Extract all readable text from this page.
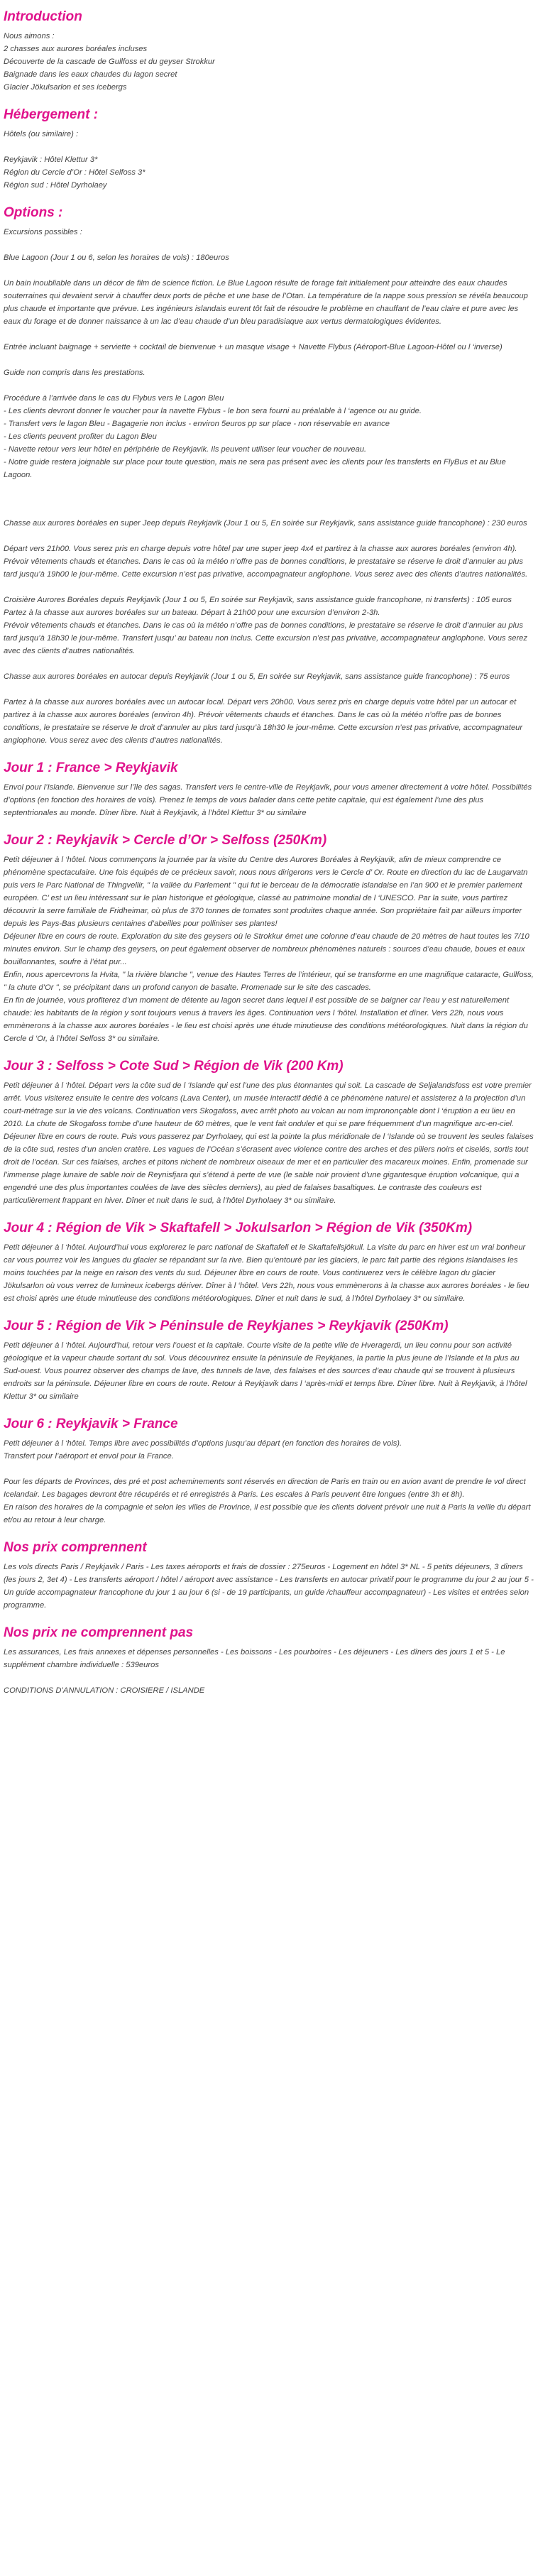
Introduction

Nous aimons :

2 chasses aux aurores boréales incluses

Découverte de la cascade de Gullfoss et du geyser Strokkur

Baignade dans les eaux chaudes du lagon secret

Glacier Jökulsarlon et ses icebergs

Hébergement :

Hôtels (ou similaire) :

Reykjavik : Hôtel Klettur 3*

Région du Cercle d’Or : Hôtel Selfoss 3*

Région sud : Hôtel Dyrholaey

Options :

Excursions possibles :

Blue Lagoon (Jour 1 ou 6, selon les horaires de vols) : 180euros

Un bain inoubliable dans un décor de film de science fiction. Le Blue Lagoon résulte de forage fait initialement pour atteindre des eaux chaudes souterraines qui devaient servir à chauffer deux ports de pêche et une base de l’Otan. La température de la nappe sous pression se révéla beaucoup plus chaude et importante que prévue. Les ingénieurs islandais eurent tôt fait de résoudre le problème en chauffant de l’eau claire et pure avec les eaux du forage et de donner naissance à un lac d’eau chaude d’un bleu paradisiaque aux vertus dermatologiques évidentes.

Entrée incluant baignage + serviette + cocktail de bienvenue + un masque visage + Navette Flybus (Aéroport-Blue Lagoon-Hôtel ou l ‘inverse)

Guide non compris dans les prestations.

Procédure à l’arrivée dans le cas du Flybus vers le Lagon Bleu

- Les clients devront donner le voucher pour la navette Flybus - le bon sera fourni au préalable à l ‘agence ou au guide.

- Transfert vers le lagon Bleu - Bagagerie non inclus - environ 5euros pp sur place - non réservable en avance

- Les clients peuvent profiter du Lagon Bleu

- Navette retour vers leur hôtel en périphérie de Reykjavik. Ils peuvent utiliser leur voucher de nouveau.

- Notre guide restera joignable sur place pour toute question, mais ne sera pas présent avec les clients pour les transferts en FlyBus et au Blue Lagoon.

Chasse aux aurores boréales en super Jeep depuis Reykjavik (Jour 1 ou 5, En soirée sur Reykjavik, sans assistance guide francophone) : 230 euros

Départ vers 21h00. Vous serez pris en charge depuis votre hôtel par une super jeep 4x4 et partirez à la chasse aux aurores boréales (environ 4h). Prévoir vêtements chauds et étanches. Dans le cas où la météo n’offre pas de bonnes conditions, le prestataire se réserve le droit d’annuler au plus tard jusqu’à 19h00 le jour-même. Cette excursion n’est pas privative, accompagnateur anglophone. Vous serez avec des clients d’autres nationalités.

Croisière Aurores Boréales depuis Reykjavik (Jour 1 ou 5, En soirée sur Reykjavik, sans assistance guide francophone, ni transferts) : 105 euros

Partez à la chasse aux aurores boréales sur un bateau. Départ à 21h00 pour une excursion d’environ 2-3h.

Prévoir vêtements chauds et étanches. Dans le cas où la météo n’offre pas de bonnes conditions, le prestataire se réserve le droit d’annuler au plus tard jusqu’à 18h30 le jour-même. Transfert jusqu’ au bateau non inclus. Cette excursion n’est pas privative, accompagnateur anglophone. Vous serez avec des clients d’autres nationalités.

Chasse aux aurores boréales en autocar depuis Reykjavik (Jour 1 ou 5, En soirée sur Reykjavik, sans assistance guide francophone) : 75 euros

Partez à la chasse aux aurores boréales avec un autocar local. Départ vers 20h00. Vous serez pris en charge depuis votre hôtel par un autocar et partirez à la chasse aux aurores boréales (environ 4h). Prévoir vêtements chauds et étanches. Dans le cas où la météo n’offre pas de bonnes conditions, le prestataire se réserve le droit d’annuler au plus tard jusqu’à 18h30 le jour-même. Cette excursion n’est pas privative, accompagnateur anglophone. Vous serez avec des clients d’autres nationalités.

Jour 1 : France > Reykjavik

Envol pour l’Islande. Bienvenue sur l’île des sagas. Transfert vers le centre-ville de Reykjavik, pour vous amener directement à votre hôtel. Possibilités d’options (en fonction des horaires de vols). Prenez le temps de vous balader dans cette petite capitale, qui est également l’une des plus septentrionales au monde. Dîner libre. Nuit à Reykjavik, à l’hôtel Klettur 3* ou similaire

Jour 2 : Reykjavik > Cercle d’Or > Selfoss (250Km)

Petit déjeuner à l ‘hôtel. Nous commençons la journée par la visite du Centre des Aurores Boréales à Reykjavik, afin de mieux comprendre ce phénomène spectaculaire. Une fois équipés de ce précieux savoir, nous nous dirigerons vers le Cercle d’ Or. Route en direction du lac de Laugarvatn puis vers le Parc National de Thingvellir, " la vallée du Parlement " qui fut le berceau de la démocratie islandaise en l’an 900 et le premier parlement européen. C’ est un lieu intéressant sur le plan historique et géologique, classé au patrimoine mondial de l ‘UNESCO. Par la suite, vous partirez découvrir la serre familiale de Fridheimar, où plus de 370 tonnes de tomates sont produites chaque année. Son propriétaire fait par ailleurs importer depuis les Pays-Bas plusieurs centaines d’abeilles pour polliniser ses plantes!

Déjeuner libre en cours de route. Exploration du site des geysers où le Strokkur émet une colonne d’eau chaude de 20 mètres de haut toutes les 7/10 minutes environ. Sur le champ des geysers, on peut également observer de nombreux phénomènes naturels : sources d’eau chaude, boues et eaux bouillonnantes, soufre à l’état pur...

Enfin, nous apercevrons la Hvita, " la rivière blanche ", venue des Hautes Terres de l’intérieur, qui se transforme en une magnifique cataracte, Gullfoss, " la chute d’Or ", se précipitant dans un profond canyon de basalte. Promenade sur le site des cascades.

En fin de journée, vous profiterez d’un moment de détente au lagon secret dans lequel il est possible de se baigner car l’eau y est naturellement chaude: les habitants de la région y sont toujours venus à travers les âges. Continuation vers l ‘hôtel. Installation et dîner. Vers 22h, nous vous emmènerons à la chasse aux aurores boréales - le lieu est choisi après une étude minutieuse des conditions météorologiques. Nuit dans la région du Cercle d ‘Or, à l’hôtel Selfoss 3* ou similaire.

Jour 3 : Selfoss > Cote Sud > Région de Vik (200 Km)

Petit déjeuner à l ‘hôtel. Départ vers la côte sud de l ‘Islande qui est l’une des plus étonnantes qui soit. La cascade de Seljalandsfoss est votre premier arrêt. Vous visiterez ensuite le centre des volcans (Lava Center), un musée interactif dédié à ce phénomène naturel et assisterez à la projection d’un court-métrage sur la vie des volcans. Continuation vers Skogafoss, avec arrêt photo au volcan au nom imprononçable dont l ‘éruption a eu lieu en 2010. La chute de Skogafoss tombe d’une hauteur de 60 mètres, que le vent fait onduler et qui se pare fréquemment d’un magnifique arc-en-ciel. Déjeuner libre en cours de route. Puis vous passerez par Dyrholaey, qui est la pointe la plus méridionale de l ‘Islande où se trouvent les seules falaises de la côte sud, restes d’un ancien cratère. Les vagues de l’Océan s’écrasent avec violence contre des arches et des piliers noirs et ciselés, sortis tout droit de l’océan. Sur ces falaises, arches et pitons nichent de nombreux oiseaux de mer et en particulier des macareux moines. Enfin, promenade sur l’immense plage lunaire de sable noir de Reynisfjara qui s’étend à perte de vue (le sable noir provient d’une gigantesque éruption volcanique, qui a engendré une des plus importantes coulées de lave des siècles derniers), au pied de falaises basaltiques. Le contraste des couleurs est particulièrement frappant en hiver. Dîner et nuit dans le sud, à l’hôtel Dyrholaey 3* ou similaire.

Jour 4 : Région de Vik > Skaftafell > Jokulsarlon > Région de Vik (350Km)

Petit déjeuner à l ‘hôtel. Aujourd’hui vous explorerez le parc national de Skaftafell et le Skaftafellsjökull. La visite du parc en hiver est un vrai bonheur car vous pourrez voir les langues du glacier se répandant sur la rive. Bien qu’entouré par les glaciers, le parc fait partie des régions islandaises les moins touchées par la neige en raison des vents du sud. Déjeuner libre en cours de route. Vous continuerez vers le célèbre lagon du glacier Jökulsarlon où vous verrez de lumineux icebergs dériver. Dîner à l ‘hôtel. Vers 22h, nous vous emmènerons à la chasse aux aurores boréales - le lieu est choisi après une étude minutieuse des conditions météorologiques. Dîner et nuit dans le sud, à l’hôtel Dyrholaey 3* ou similaire.

Jour 5 : Région de Vik > Péninsule de Reykjanes > Reykjavik (250Km)

Petit déjeuner à l ‘hôtel. Aujourd’hui, retour vers l’ouest et la capitale. Courte visite de la petite ville de Hveragerdi, un lieu connu pour son activité géologique et la vapeur chaude sortant du sol. Vous découvrirez ensuite la péninsule de Reykjanes, la partie la plus jeune de l’Islande et la plus au Sud-ouest. Vous pourrez observer des champs de lave, des tunnels de lave, des falaises et des sources d’eau chaude qui se trouvent à plusieurs endroits sur la péninsule. Déjeuner libre en cours de route. Retour à Reykjavik dans l ‘après-midi et temps libre. Dîner libre. Nuit à Reykjavik, à l’hôtel Klettur 3* ou similaire

Jour 6 : Reykjavik > France

Petit déjeuner à l ‘hôtel. Temps libre avec possibilités d’options jusqu’au départ (en fonction des horaires de vols).

Transfert pour l’aéroport et envol pour la France.

Pour les départs de Provinces, des pré et post acheminements sont réservés en direction de Paris en train ou en avion avant de prendre le vol direct Icelandair. Les bagages devront être récupérés et ré enregistrés à Paris. Les escales à Paris peuvent être longues (entre 3h et 8h).

En raison des horaires de la compagnie et selon les villes de Province, il est possible que les clients doivent prévoir une nuit à Paris la veille du départ et/ou au retour à leur charge.

Nos prix comprennent

Les vols directs Paris / Reykjavik / Paris - Les taxes aéroports et frais de dossier : 275euros - Logement en hôtel 3* NL - 5 petits déjeuners, 3 dîners (les jours 2, 3et 4) - Les transferts aéroport / hôtel / aéroport avec assistance - Les transferts en autocar privatif pour le programme du jour 2 au jour 5 - Un guide accompagnateur francophone du jour 1 au jour 6 (si - de 19 participants, un guide /chauffeur accompagnateur) - Les visites et entrées selon programme.

Nos prix ne comprennent pas

Les assurances, Les frais annexes et dépenses personnelles - Les boissons - Les pourboires - Les déjeuners - Les dîners des jours 1 et 5 - Le supplément chambre individuelle : 539euros

CONDITIONS D’ANNULATION : CROISIERE / ISLANDE
